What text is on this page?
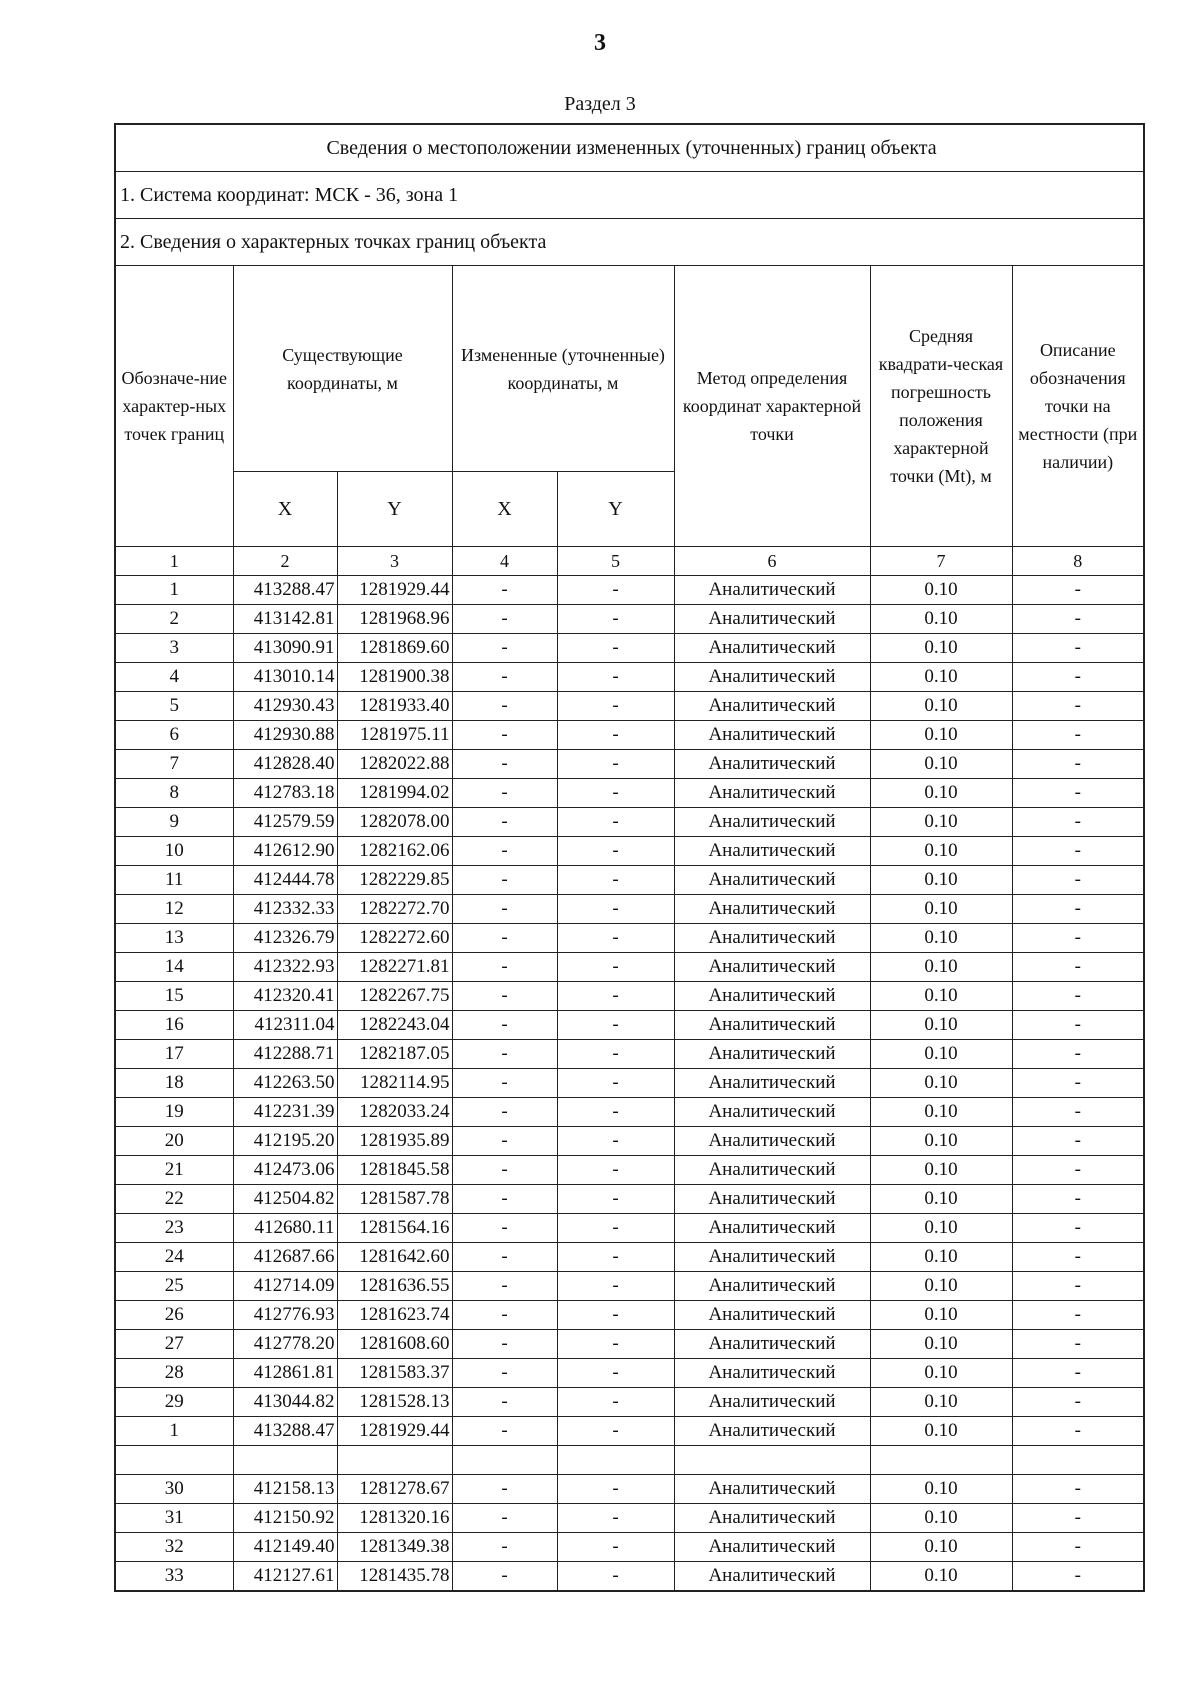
3
Раздел 3
Сведения о местоположении измененных (уточненных) границ объекта							
1. Система координат: МСК - 36, зона 1							
2. Сведения о характерных точках границ объекта							
Обозначе-ние характер-ных точек границ	Существующие координаты, м		Измененные (уточненные) координаты, м		Метод определения координат характерной точки	Средняя квадрати-ческая погрешность положения характерной точки (Mt), м	Описание обозначения точки на местности (при наличии)
	X	Y	X	Y			
1	2	3	4	5	6	7	8
1	413288.47	1281929.44	-	-	Аналитический	0.10	-
2	413142.81	1281968.96	-	-	Аналитический	0.10	-
3	413090.91	1281869.60	-	-	Аналитический	0.10	-
4	413010.14	1281900.38	-	-	Аналитический	0.10	-
5	412930.43	1281933.40	-	-	Аналитический	0.10	-
6	412930.88	1281975.11	-	-	Аналитический	0.10	-
7	412828.40	1282022.88	-	-	Аналитический	0.10	-
8	412783.18	1281994.02	-	-	Аналитический	0.10	-
9	412579.59	1282078.00	-	-	Аналитический	0.10	-
10	412612.90	1282162.06	-	-	Аналитический	0.10	-
11	412444.78	1282229.85	-	-	Аналитический	0.10	-
12	412332.33	1282272.70	-	-	Аналитический	0.10	-
13	412326.79	1282272.60	-	-	Аналитический	0.10	-
14	412322.93	1282271.81	-	-	Аналитический	0.10	-
15	412320.41	1282267.75	-	-	Аналитический	0.10	-
16	412311.04	1282243.04	-	-	Аналитический	0.10	-
17	412288.71	1282187.05	-	-	Аналитический	0.10	-
18	412263.50	1282114.95	-	-	Аналитический	0.10	-
19	412231.39	1282033.24	-	-	Аналитический	0.10	-
20	412195.20	1281935.89	-	-	Аналитический	0.10	-
21	412473.06	1281845.58	-	-	Аналитический	0.10	-
22	412504.82	1281587.78	-	-	Аналитический	0.10	-
23	412680.11	1281564.16	-	-	Аналитический	0.10	-
24	412687.66	1281642.60	-	-	Аналитический	0.10	-
25	412714.09	1281636.55	-	-	Аналитический	0.10	-
26	412776.93	1281623.74	-	-	Аналитический	0.10	-
27	412778.20	1281608.60	-	-	Аналитический	0.10	-
28	412861.81	1281583.37	-	-	Аналитический	0.10	-
29	413044.82	1281528.13	-	-	Аналитический	0.10	-
1	413288.47	1281929.44	-	-	Аналитический	0.10	-

30	412158.13	1281278.67	-	-	Аналитический	0.10	-
31	412150.92	1281320.16	-	-	Аналитический	0.10	-
32	412149.40	1281349.38	-	-	Аналитический	0.10	-
33	412127.61	1281435.78	-	-	Аналитический	0.10	-
